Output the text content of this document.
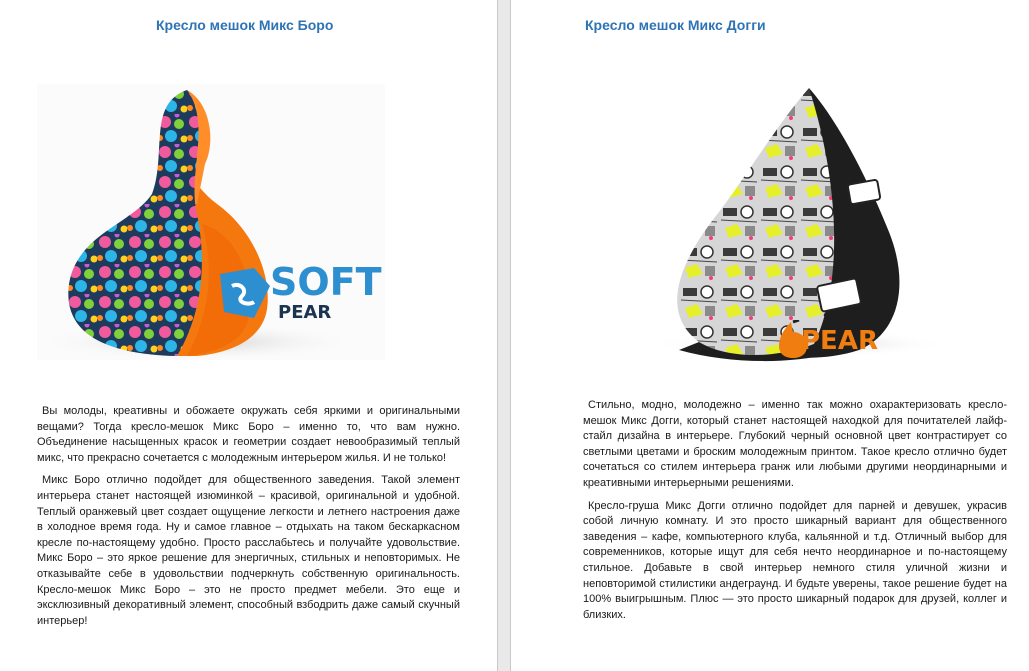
Кресло мешок Микс Боро
SOFT
PEAR

Вы молоды, креативны и обожаете окружать себя яркими и оригинальными вещами? Тогда кресло-мешок Микс Боро – именно то, что вам нужно. Объединение насыщенных красок и геометрии создает невообразимый теплый микс, что прекрасно сочетается с молодежным интерьером жилья. И не только!

Микс Боро отлично подойдет для общественного заведения. Такой элемент интерьера станет настоящей изюминкой – красивой, оригинальной и удобной. Теплый оранжевый цвет создает ощущение легкости и летнего настроения даже в холодное время года. Ну и самое главное – отдыхать на таком бескаркасном кресле по-настоящему удобно. Просто расслабьтесь и получайте удовольствие. Микс Боро – это яркое решение для энергичных, стильных и неповторимых. Не отказывайте себе в удовольствии подчеркнуть собственную оригинальность. Кресло-мешок Микс Боро – это не просто предмет мебели. Это еще и эксклюзивный декоративный элемент, способный взбодрить даже самый скучный интерьер!

Кресло мешок Микс Догги
PEAR
SOFT

Стильно, модно, молодежно – именно так можно охарактеризовать кресло-мешок Микс Догги, который станет настоящей находкой для почитателей лайф-стайл дизайна в интерьере. Глубокий черный основной цвет контрастирует со светлыми цветами и броским молодежным принтом. Такое кресло отлично будет сочетаться со стилем интерьера гранж или любыми другими неординарными и креативными интерьерными решениями.

Кресло-груша Микс Догги отлично подойдет для парней и девушек, украсив собой личную комнату. И это просто шикарный вариант для общественного заведения – кафе, компьютерного клуба, кальянной и т.д. Отличный выбор для современников, которые ищут для себя нечто неординарное и по-настоящему стильное. Добавьте в свой интерьер немного стиля уличной жизни и неповторимой стилистики андеграунд. И будьте уверены, такое решение будет на 100% выигрышным. Плюс — это просто шикарный подарок для друзей, коллег и близких.
